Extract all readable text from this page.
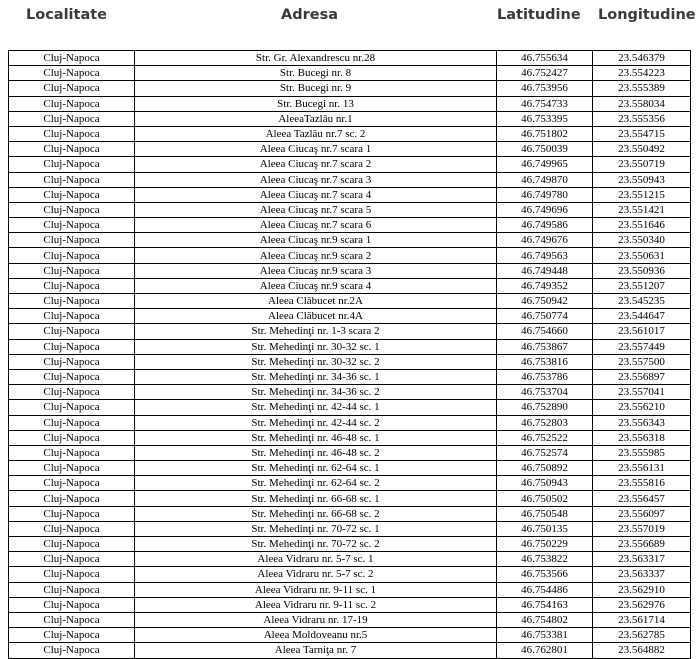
Localitate	Adresa	Latitudine Longitudine
Cluj-Napoca	Str. Gr. Alexandrescu nr.28	46.755634	23.546379
Cluj-Napoca	Str. Bucegi nr. 8	46.752427	23.554223
Cluj-Napoca	Str. Bucegi nr. 9	46.753956	23.555389
Cluj-Napoca	Str. Bucegi nr. 13	46.754733	23.558034
Cluj-Napoca	AleeaTazlău nr.1	46.753395	23.555356
Cluj-Napoca	Aleea Tazlău nr.7 sc. 2	46.751802	23.554715
Cluj-Napoca	Aleea Ciucaş nr.7 scara 1	46.750039	23.550492
Cluj-Napoca	Aleea Ciucaş nr.7 scara 2	46.749965	23.550719
Cluj-Napoca	Aleea Ciucaş nr.7 scara 3	46.749870	23.550943
Cluj-Napoca	Aleea Ciucaş nr.7 scara 4	46.749780	23.551215
Cluj-Napoca	Aleea Ciucaş nr.7 scara 5	46.749696	23.551421
Cluj-Napoca	Aleea Ciucaş nr.7 scara 6	46.749586	23.551646
Cluj-Napoca	Aleea Ciucaş nr.9 scara 1	46.749676	23.550340
Cluj-Napoca	Aleea Ciucaş nr.9 scara 2	46.749563	23.550631
Cluj-Napoca	Aleea Ciucaş nr.9 scara 3	46.749448	23.550936
Cluj-Napoca	Aleea Ciucaş nr.9 scara 4	46.749352	23.551207
Cluj-Napoca	Aleea Clăbucet nr.2A	46.750942	23.545235
Cluj-Napoca	Aleea Clăbucet nr.4A	46.750774	23.544647
Cluj-Napoca	Str. Mehedinţi nr. 1-3 scara 2	46.754660	23.561017
Cluj-Napoca	Str. Mehedinţi nr. 30-32 sc. 1	46.753867	23.557449
Cluj-Napoca	Str. Mehedinţi nr. 30-32 sc. 2	46.753816	23.557500
Cluj-Napoca	Str. Mehedinţi nr. 34-36 sc. 1	46.753786	23.556897
Cluj-Napoca	Str. Mehedinţi nr. 34-36 sc. 2	46.753704	23.557041
Cluj-Napoca	Str. Mehedinţi nr. 42-44 sc. 1	46.752890	23.556210
Cluj-Napoca	Str. Mehedinţi nr. 42-44 sc. 2	46.752803	23.556343
Cluj-Napoca	Str. Mehedinţi nr. 46-48 sc. 1	46.752522	23.556318
Cluj-Napoca	Str. Mehedinţi nr. 46-48 sc. 2	46.752574	23.555985
Cluj-Napoca	Str. Mehedinţi nr. 62-64 sc. 1	46.750892	23.556131
Cluj-Napoca	Str. Mehedinţi nr. 62-64 sc. 2	46.750943	23.555816
Cluj-Napoca	Str. Mehedinţi nr. 66-68 sc. 1	46.750502	23.556457
Cluj-Napoca	Str. Mehedinţi nr. 66-68 sc. 2	46.750548	23.556097
Cluj-Napoca	Str. Mehedinţi nr. 70-72 sc. 1	46.750135	23.557019
Cluj-Napoca	Str. Mehedinţi nr. 70-72 sc. 2	46.750229	23.556689
Cluj-Napoca	Aleea Vidraru nr. 5-7 sc. 1	46.753822	23.563317
Cluj-Napoca	Aleea Vidraru nr. 5-7 sc. 2	46.753566	23.563337
Cluj-Napoca	Aleea Vidraru nr. 9-11 sc. 1	46.754486	23.562910
Cluj-Napoca	Aleea Vidraru nr. 9-11 sc. 2	46.754163	23.562976
Cluj-Napoca	Aleea Vidraru nr. 17-19	46.754802	23.561714
Cluj-Napoca	Aleea Moldoveanu nr.5	46.753381	23.562785
Cluj-Napoca	Aleea Tarniţa nr. 7	46.762801	23.564882
